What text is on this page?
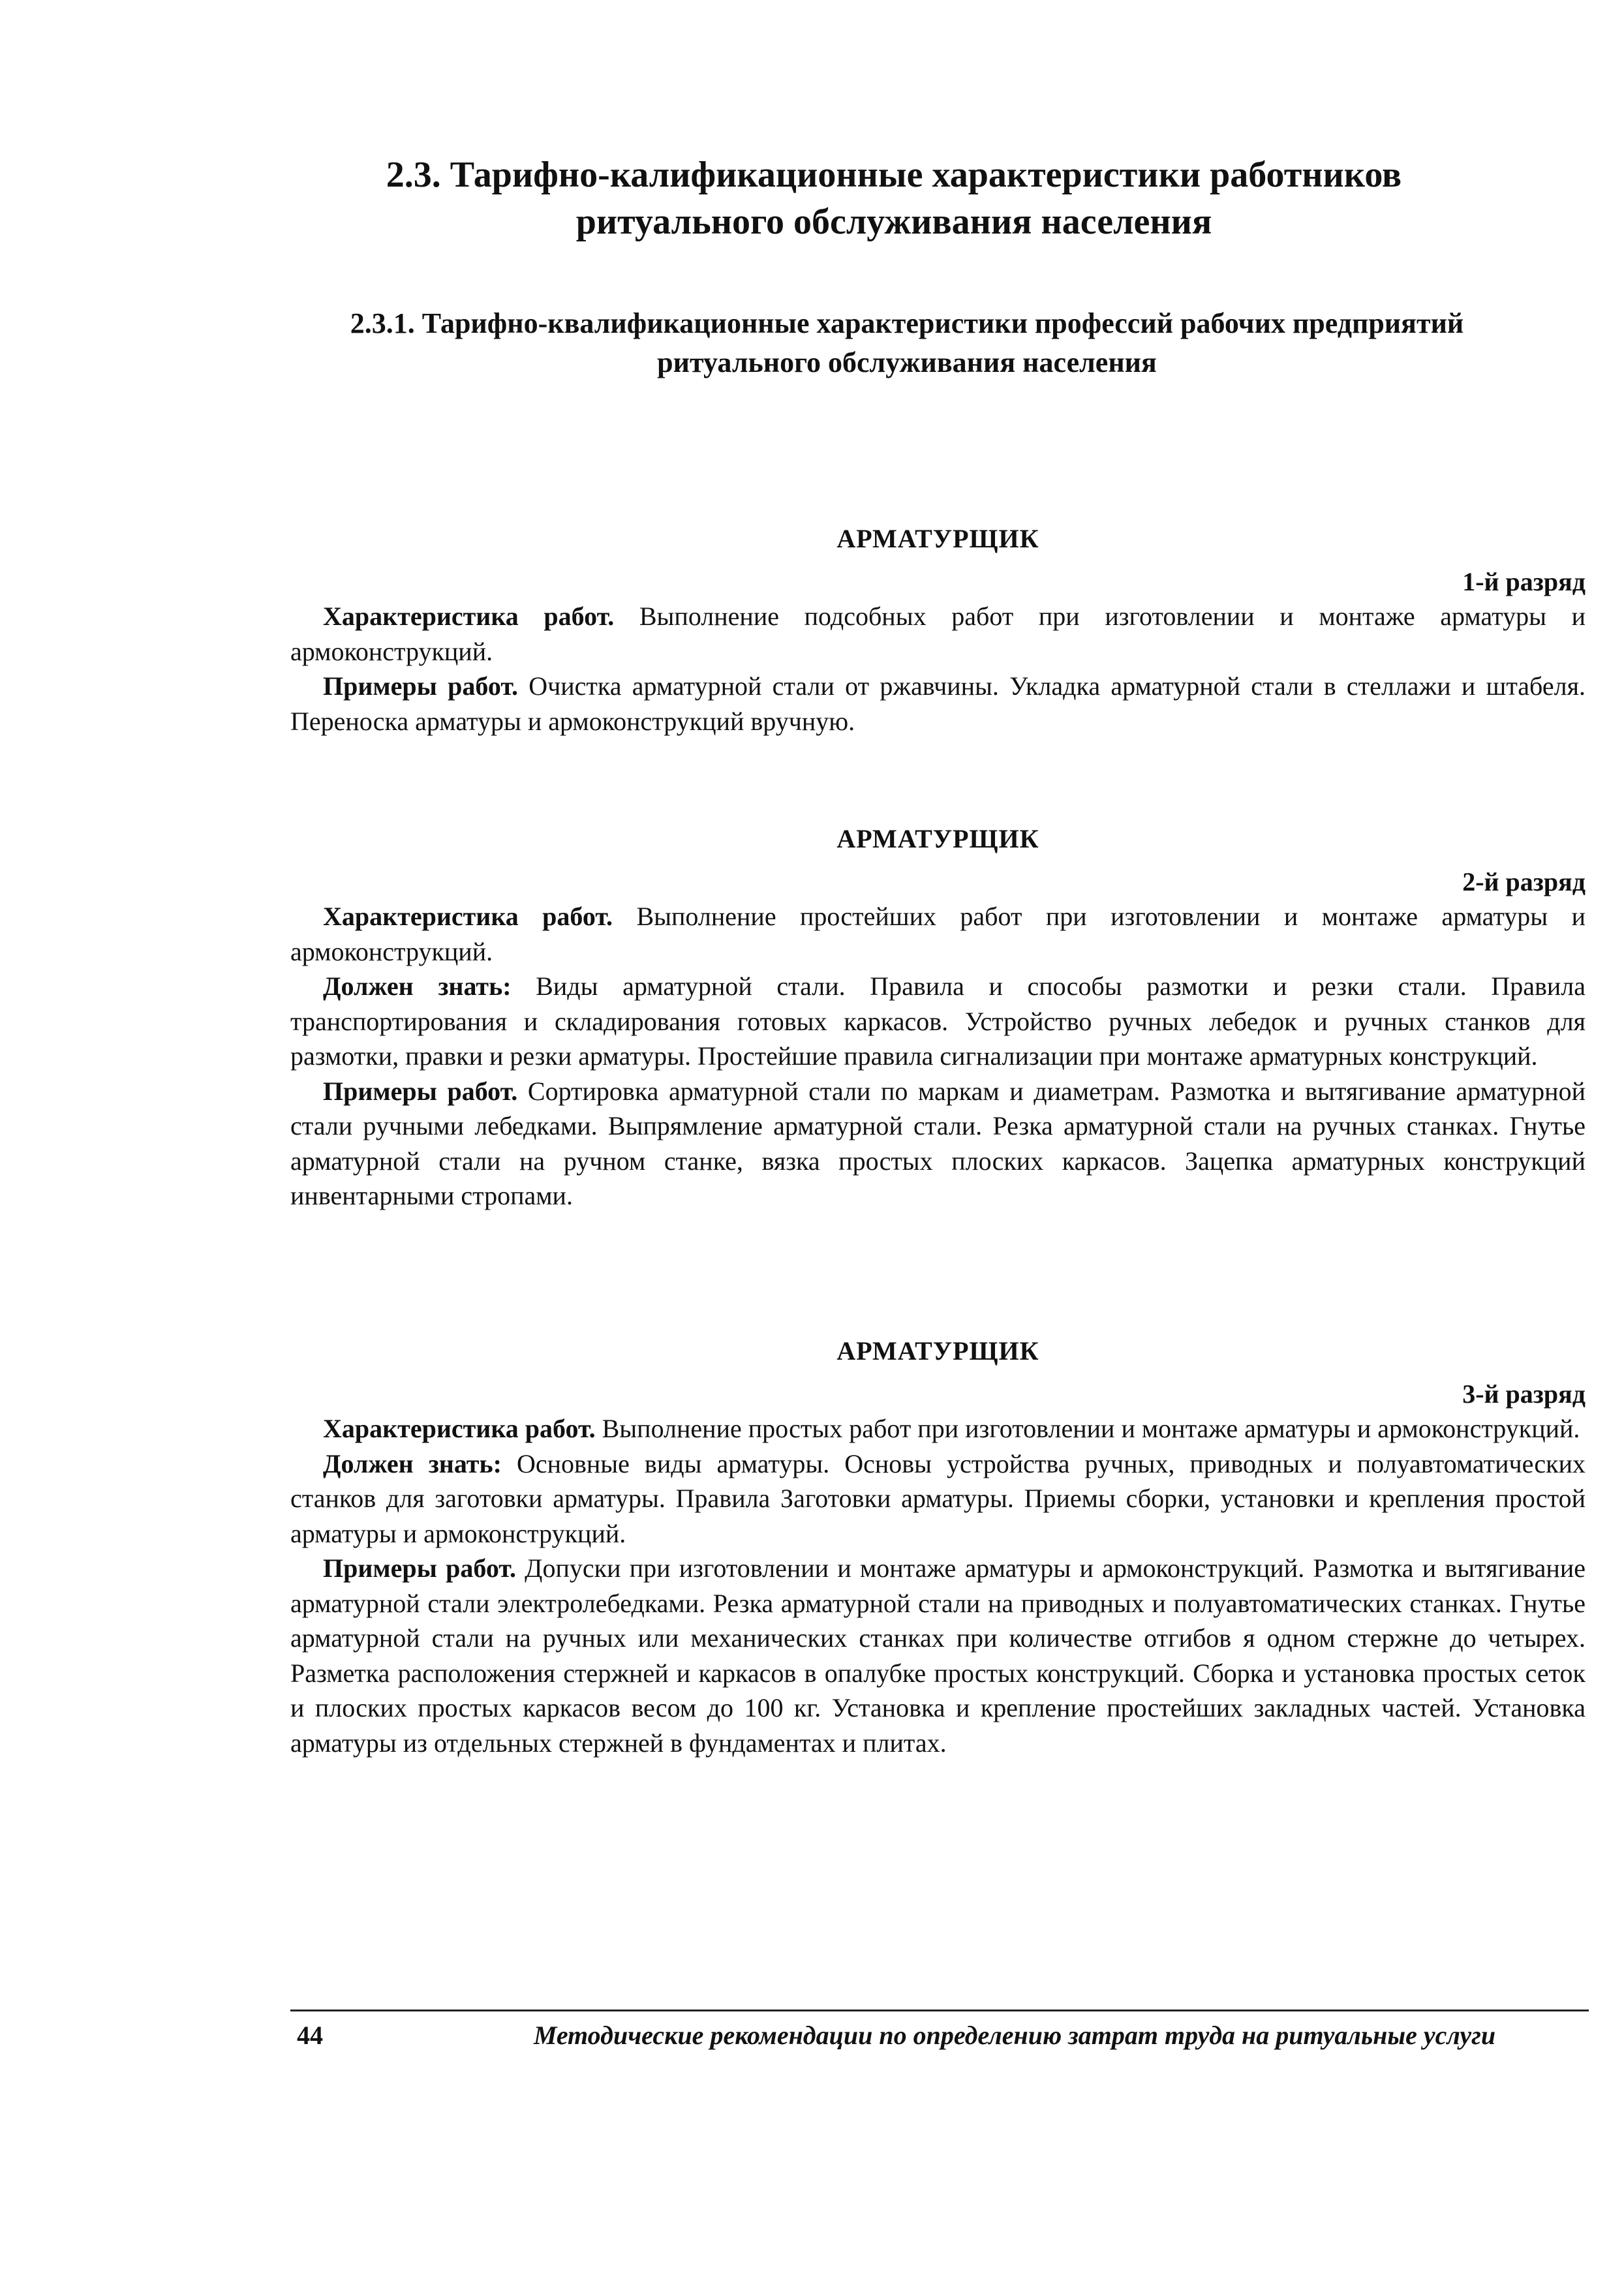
2.3. Тарифно-калификационные характеристики работников ритуального обслуживания населения
2.3.1. Тарифно-квалификационные характеристики профессий рабочих предприятий ритуального обслуживания населения
АРМАТУРЩИК
1-й разряд

Характеристика работ. Выполнение подсобных работ при изготовлении и монтаже арматуры и армоконструкций.

Примеры работ. Очистка арматурной стали от ржавчины. Укладка арматурной стали в стеллажи и штабеля. Переноска арматуры и армоконструкций вручную.

АРМАТУРЩИК
2-й разряд

Характеристика работ. Выполнение простейших работ при изготовлении и монтаже арматуры и армоконструкций.

Должен знать: Виды арматурной стали. Правила и способы размотки и резки стали. Правила транспортирования и складирования готовых каркасов. Устройство ручных лебедок и ручных станков для размотки, правки и резки арматуры. Простейшие правила сигнализации при монтаже арматурных конструкций.

Примеры работ. Сортировка арматурной стали по маркам и диаметрам. Размотка и вытягивание арматурной стали ручными лебедками. Выпрямление арматурной стали. Резка арматурной стали на ручных станках. Гнутье арматурной стали на ручном станке, вязка простых плоских каркасов. Зацепка арматурных конструкций инвентарными стропами.

АРМАТУРЩИК
3-й разряд

Характеристика работ. Выполнение простых работ при изготовлении и монтаже арматуры и армоконструкций.

Должен знать: Основные виды арматуры. Основы устройства ручных, приводных и полуавтоматических станков для заготовки арматуры. Правила Заготовки арматуры. Приемы сборки, установки и крепления простой арматуры и армоконструкций.

Примеры работ. Допуски при изготовлении и монтаже арматуры и армоконструкций. Размотка и вытягивание арматурной стали электролебедками. Резка арматурной стали на приводных и полуавтоматических станках. Гнутье арматурной стали на ручных или механических станках при количестве отгибов я одном стержне до четырех. Разметка расположения стержней и каркасов в опалубке простых конструкций. Сборка и установка простых сеток и плоских простых каркасов весом до 100 кг. Установка и крепление простейших закладных частей. Установка арматуры из отдельных стержней в фундаментах и плитах.

44	Методические рекомендации по определению затрат труда на ритуальные услуги
